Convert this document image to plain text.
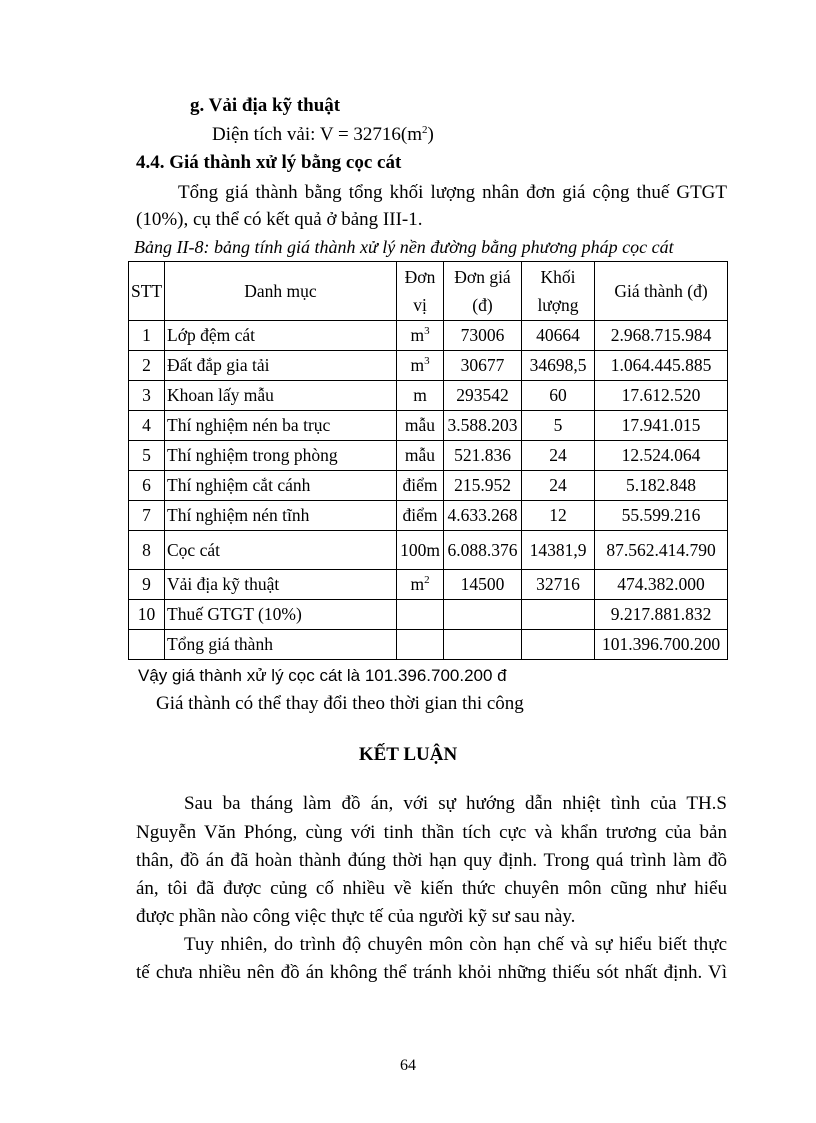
g. Vải địa kỹ thuật
Diện tích vải: $V = 32716(m^2)$
4.4. Giá thành xử lý bằng cọc cát
Tổng giá thành bằng tổng khối lượng nhân đơn giá cộng thuế GTGT
(10%), cụ thể có kết quả ở bảng III-1.
Bảng II-8: bảng tính giá thành xử lý nền đường bằng phương pháp cọc cát
STT	Danh mục	Đơn vị	Đơn giá (đ)	Khối lượng	Giá thành (đ)
1	Lớp đệm cát	$m^3$	73006	40664	2.968.715.984
2	Đất đắp gia tải	$m^3$	30677	34698,5	1.064.445.885
3	Khoan lấy mẫu	m	293542	60	17.612.520
4	Thí nghiệm nén ba trục	mẫu	3.588.203	5	17.941.015
5	Thí nghiệm trong phòng	mẫu	521.836	24	12.524.064
6	Thí nghiệm cắt cánh	điểm	215.952	24	5.182.848
7	Thí nghiệm nén tĩnh	điểm	4.633.268	12	55.599.216
8	Cọc cát	100m	6.088.376	14381,9	87.562.414.790
9	Vải địa kỹ thuật	$m^2$	14500	32716	474.382.000
10	Thuế GTGT (10%)				9.217.881.832
	Tổng giá thành				101.396.700.200
Vậy giá thành xử lý cọc cát là 101.396.700.200 đ
Giá thành có thể thay đổi theo thời gian thi công
KẾT LUẬN
Sau ba tháng làm đồ án, với sự hướng dẫn nhiệt tình của TH.S
Nguyễn Văn Phóng, cùng với tinh thần tích cực và khẩn trương của bản
thân, đồ án đã hoàn thành đúng thời hạn quy định. Trong quá trình làm đồ
án, tôi đã được củng cố nhiều về kiến thức chuyên môn cũng như hiểu
được phần nào công việc thực tế của người kỹ sư sau này.
Tuy nhiên, do trình độ chuyên môn còn hạn chế và sự hiểu biết thực
tế chưa nhiều nên đồ án không thể tránh khỏi những thiếu sót nhất định. Vì
64
